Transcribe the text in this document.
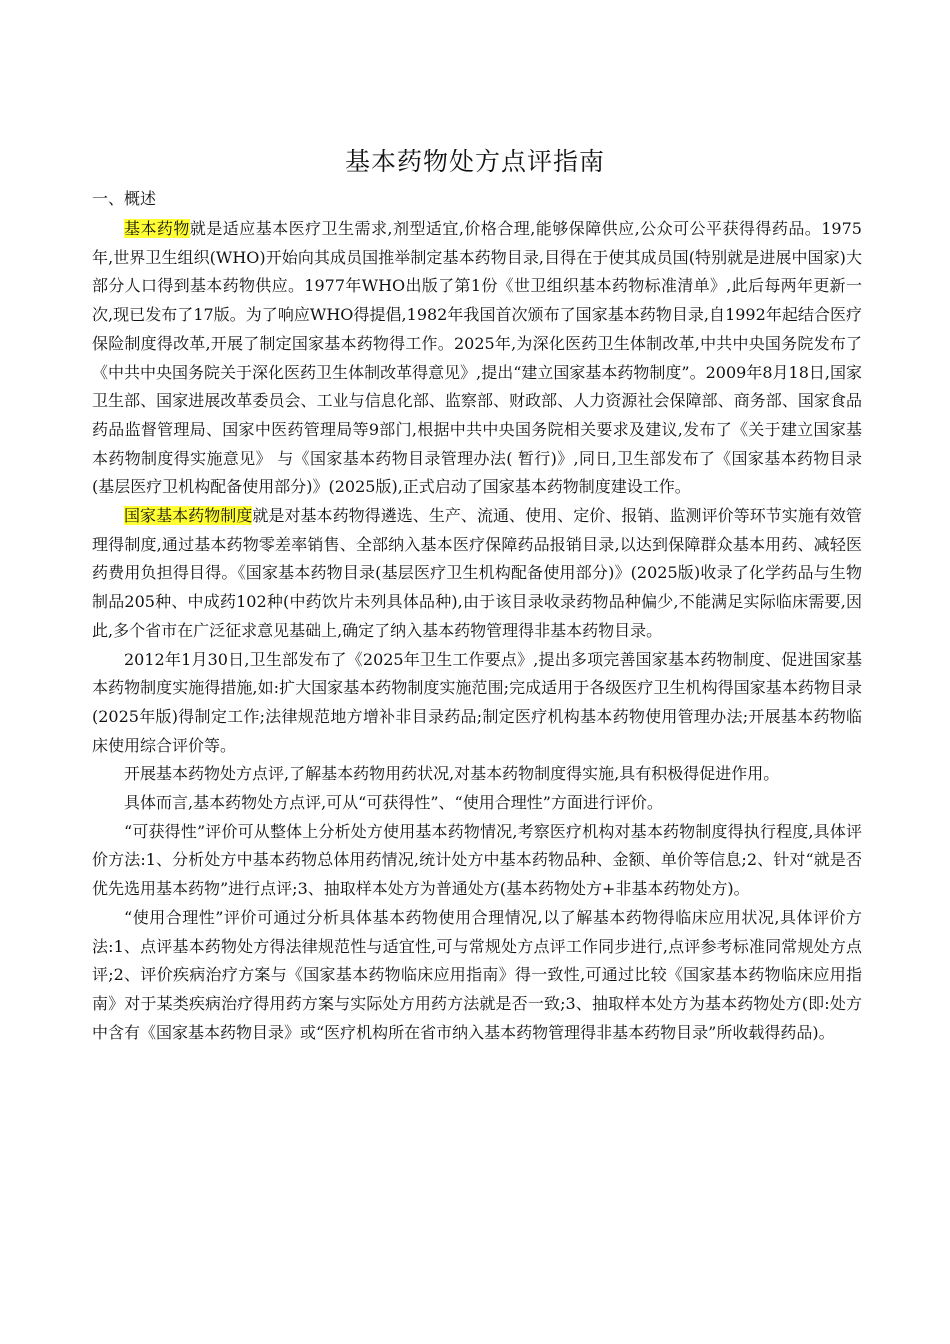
基本药物处方点评指南
一、概述

基本药物就是适应基本医疗卫生需求,剂型适宜,价格合理,能够保障供应,公众可公平获得得药品。1975年,世界卫生组织(WHO)开始向其成员国推举制定基本药物目录,目得在于使其成员国(特别就是进展中国家)大部分人口得到基本药物供应。1977年WHO出版了第1份《世卫组织基本药物标准清单》,此后每两年更新一次,现已发布了17版。为了响应WHO得提倡,1982年我国首次颁布了国家基本药物目录,自1992年起结合医疗保险制度得改革,开展了制定国家基本药物得工作。2025年,为深化医药卫生体制改革,中共中央国务院发布了《中共中央国务院关于深化医药卫生体制改革得意见》,提出“建立国家基本药物制度”。2009年8月18日,国家卫生部、国家进展改革委员会、工业与信息化部、监察部、财政部、人力资源社会保障部、商务部、国家食品药品监督管理局、国家中医药管理局等9部门,根据中共中央国务院相关要求及建议,发布了《关于建立国家基本药物制度得实施意见》 与《国家基本药物目录管理办法( 暂行)》,同日,卫生部发布了《国家基本药物目录(基层医疗卫机构配备使用部分)》(2025版),正式启动了国家基本药物制度建设工作。

国家基本药物制度就是对基本药物得遴选、生产、流通、使用、定价、报销、监测评价等环节实施有效管理得制度,通过基本药物零差率销售、全部纳入基本医疗保障药品报销目录,以达到保障群众基本用药、减轻医药费用负担得目得。《国家基本药物目录(基层医疗卫生机构配备使用部分)》(2025版)收录了化学药品与生物制品205种、中成药102种(中药饮片未列具体品种),由于该目录收录药物品种偏少,不能满足实际临床需要,因此,多个省市在广泛征求意见基础上,确定了纳入基本药物管理得非基本药物目录。

2012年1月30日,卫生部发布了《2025年卫生工作要点》,提出多项完善国家基本药物制度、促进国家基本药物制度实施得措施,如:扩大国家基本药物制度实施范围;完成适用于各级医疗卫生机构得国家基本药物目录(2025年版)得制定工作;法律规范地方增补非目录药品;制定医疗机构基本药物使用管理办法;开展基本药物临床使用综合评价等。

开展基本药物处方点评,了解基本药物用药状况,对基本药物制度得实施,具有积极得促进作用。

具体而言,基本药物处方点评,可从“可获得性”、“使用合理性”方面进行评价。

“可获得性”评价可从整体上分析处方使用基本药物情况,考察医疗机构对基本药物制度得执行程度,具体评价方法:1、分析处方中基本药物总体用药情况,统计处方中基本药物品种、金额、单价等信息;2、针对“就是否优先选用基本药物”进行点评;3、抽取样本处方为普通处方(基本药物处方+非基本药物处方)。

“使用合理性”评价可通过分析具体基本药物使用合理情况,以了解基本药物得临床应用状况,具体评价方法:1、点评基本药物处方得法律规范性与适宜性,可与常规处方点评工作同步进行,点评参考标准同常规处方点评;2、评价疾病治疗方案与《国家基本药物临床应用指南》得一致性,可通过比较《国家基本药物临床应用指南》对于某类疾病治疗得用药方案与实际处方用药方法就是否一致;3、抽取样本处方为基本药物处方(即:处方中含有《国家基本药物目录》或“医疗机构所在省市纳入基本药物管理得非基本药物目录”所收载得药品)。
